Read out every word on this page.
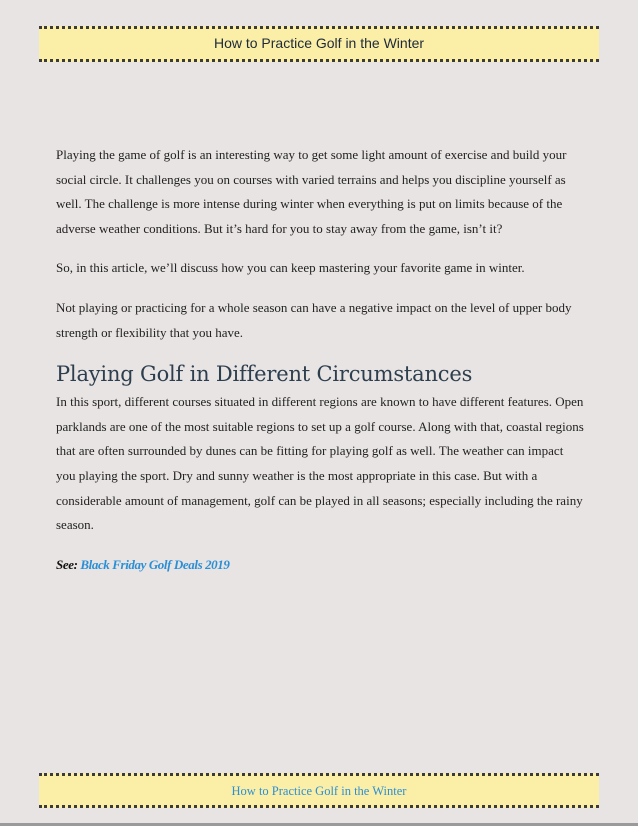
How to Practice Golf in the Winter

Playing the game of golf is an interesting way to get some light amount of exercise and build your social circle. It challenges you on courses with varied terrains and helps you discipline yourself as well. The challenge is more intense during winter when everything is put on limits because of the adverse weather conditions. But it’s hard for you to stay away from the game, isn’t it?

So, in this article, we’ll discuss how you can keep mastering your favorite game in winter.

Not playing or practicing for a whole season can have a negative impact on the level of upper body strength or flexibility that you have.

Playing Golf in Different Circumstances

In this sport, different courses situated in different regions are known to have different features. Open parklands are one of the most suitable regions to set up a golf course. Along with that, coastal regions that are often surrounded by dunes can be fitting for playing golf as well. The weather can impact you playing the sport. Dry and sunny weather is the most appropriate in this case. But with a considerable amount of management, golf can be played in all seasons; especially including the rainy season.

See: Black Friday Golf Deals 2019

How to Practice Golf in the Winter
